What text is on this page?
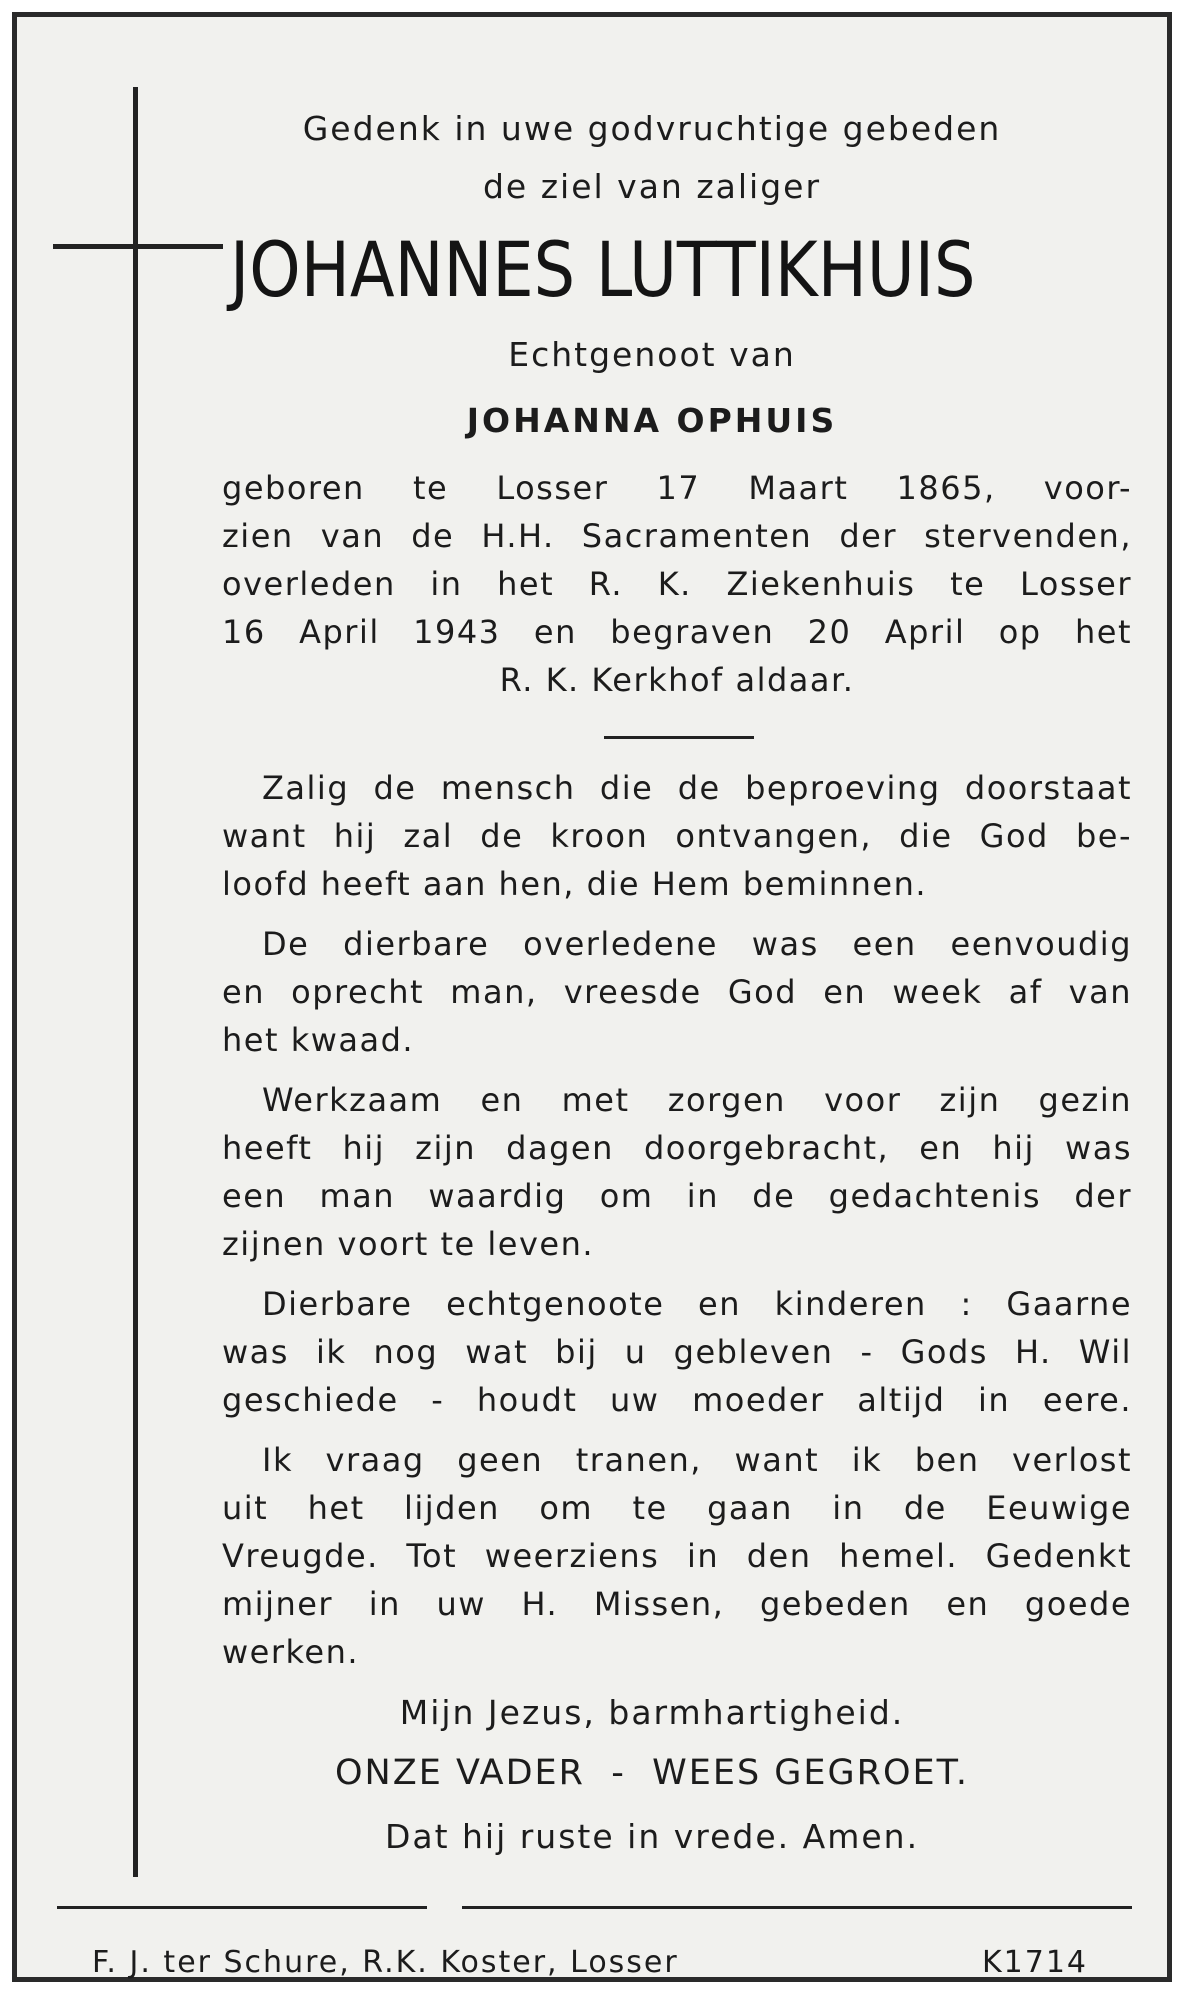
Gedenk in uwe godvruchtige gebeden
de ziel van zaliger
JOHANNES LUTTIKHUIS
Echtgenoot van
JOHANNA OPHUIS
geboren te Losser 17 Maart 1865, voor-
zien van de H.H. Sacramenten der stervenden,
overleden in het R. K. Ziekenhuis te Losser
16 April 1943 en begraven 20 April op het
R. K. Kerkhof aldaar.
Zalig de mensch die de beproeving doorstaat
want hij zal de kroon ontvangen, die God be-
loofd heeft aan hen, die Hem beminnen.
De dierbare overledene was een eenvoudig
en oprecht man, vreesde God en week af van
het kwaad.
Werkzaam en met zorgen voor zijn gezin
heeft hij zijn dagen doorgebracht, en hij was
een man waardig om in de gedachtenis der
zijnen voort te leven.
Dierbare echtgenoote en kinderen : Gaarne
was ik nog wat bij u gebleven - Gods H. Wil
geschiede - houdt uw moeder altijd in eere.
Ik vraag geen tranen, want ik ben verlost
uit het lijden om te gaan in de Eeuwige
Vreugde. Tot weerziens in den hemel. Gedenkt
mijner in uw H. Missen, gebeden en goede
werken.
Mijn Jezus, barmhartigheid.
ONZE VADER  -  WEES GEGROET.
Dat hij ruste in vrede. Amen.
F. J. ter Schure, R.K. Koster, Losser	K1714
